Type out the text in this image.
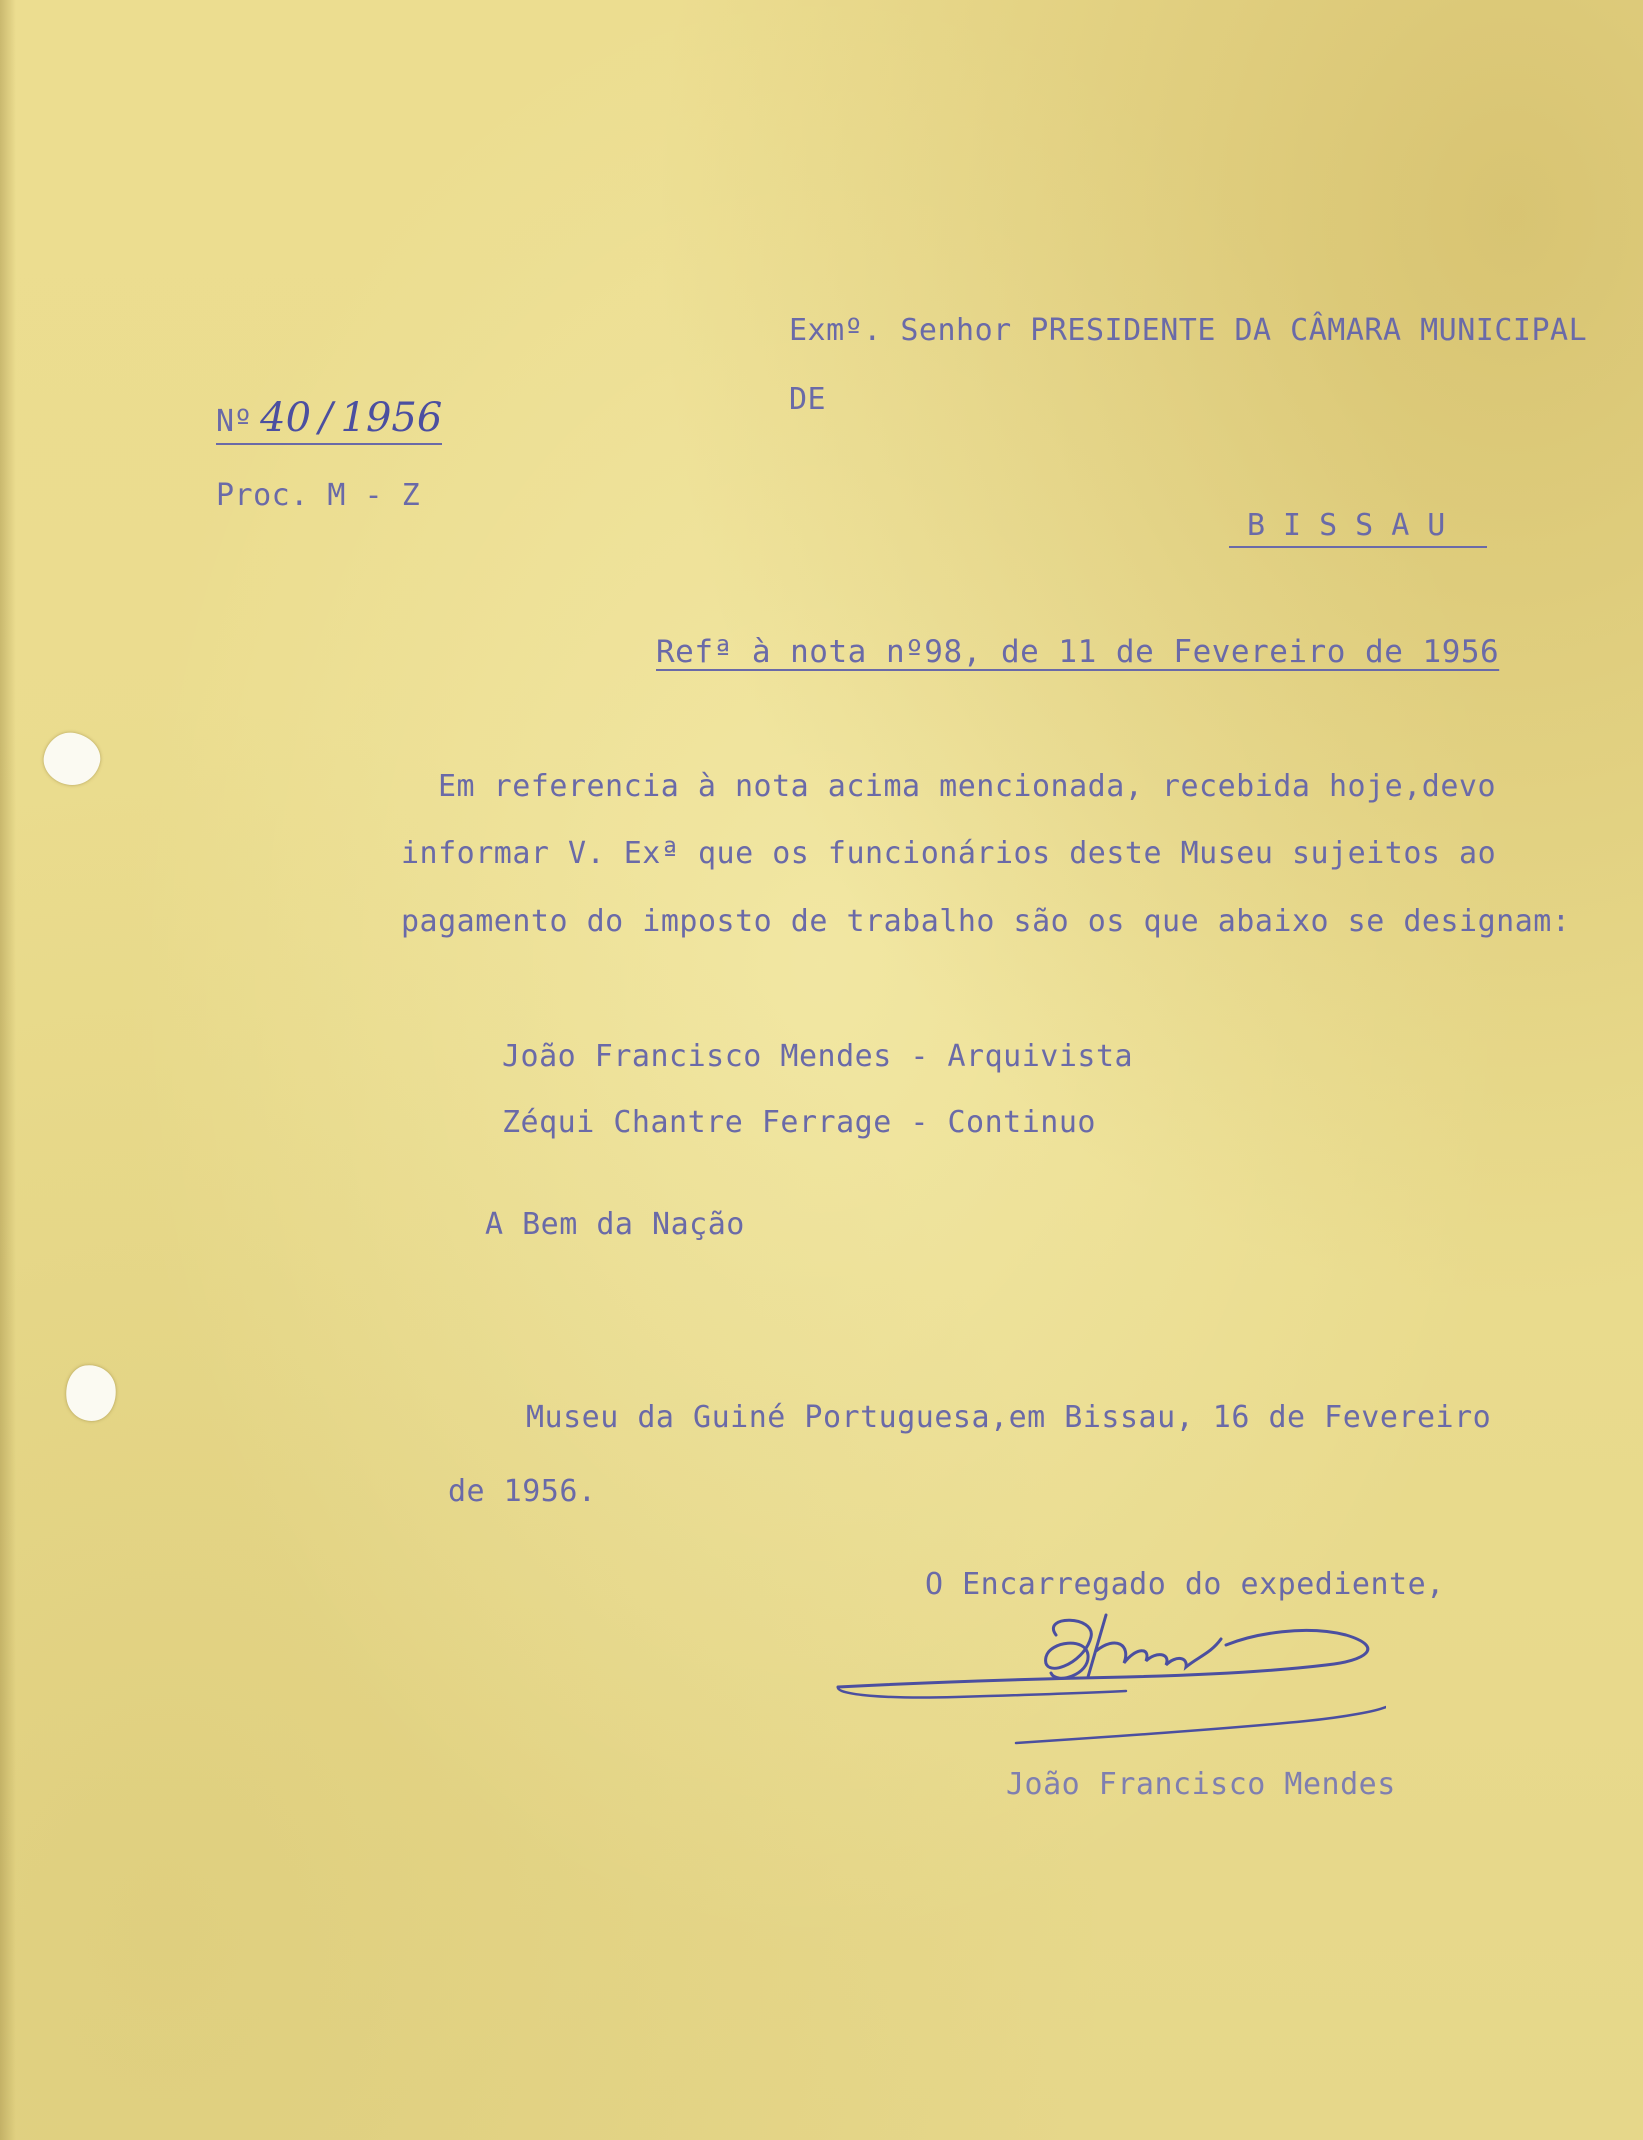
Nº 40 / 1956
Proc. M - Z
Exmº. Senhor PRESIDENTE DA CÂMARA MUNICIPAL
DE
BISSAU
Refª à nota nº98, de 11 de Fevereiro de 1956
Em referencia à nota acima mencionada, recebida hoje,devo
informar V. Exª que os funcionários deste Museu sujeitos ao
pagamento do imposto de trabalho são os que abaixo se designam:
João Francisco Mendes - Arquivista
Zéqui Chantre Ferrage - Continuo
A Bem da Nação
Museu da Guiné Portuguesa,em Bissau, 16 de Fevereiro
de 1956.
O Encarregado do expediente,
João Francisco Mendes
